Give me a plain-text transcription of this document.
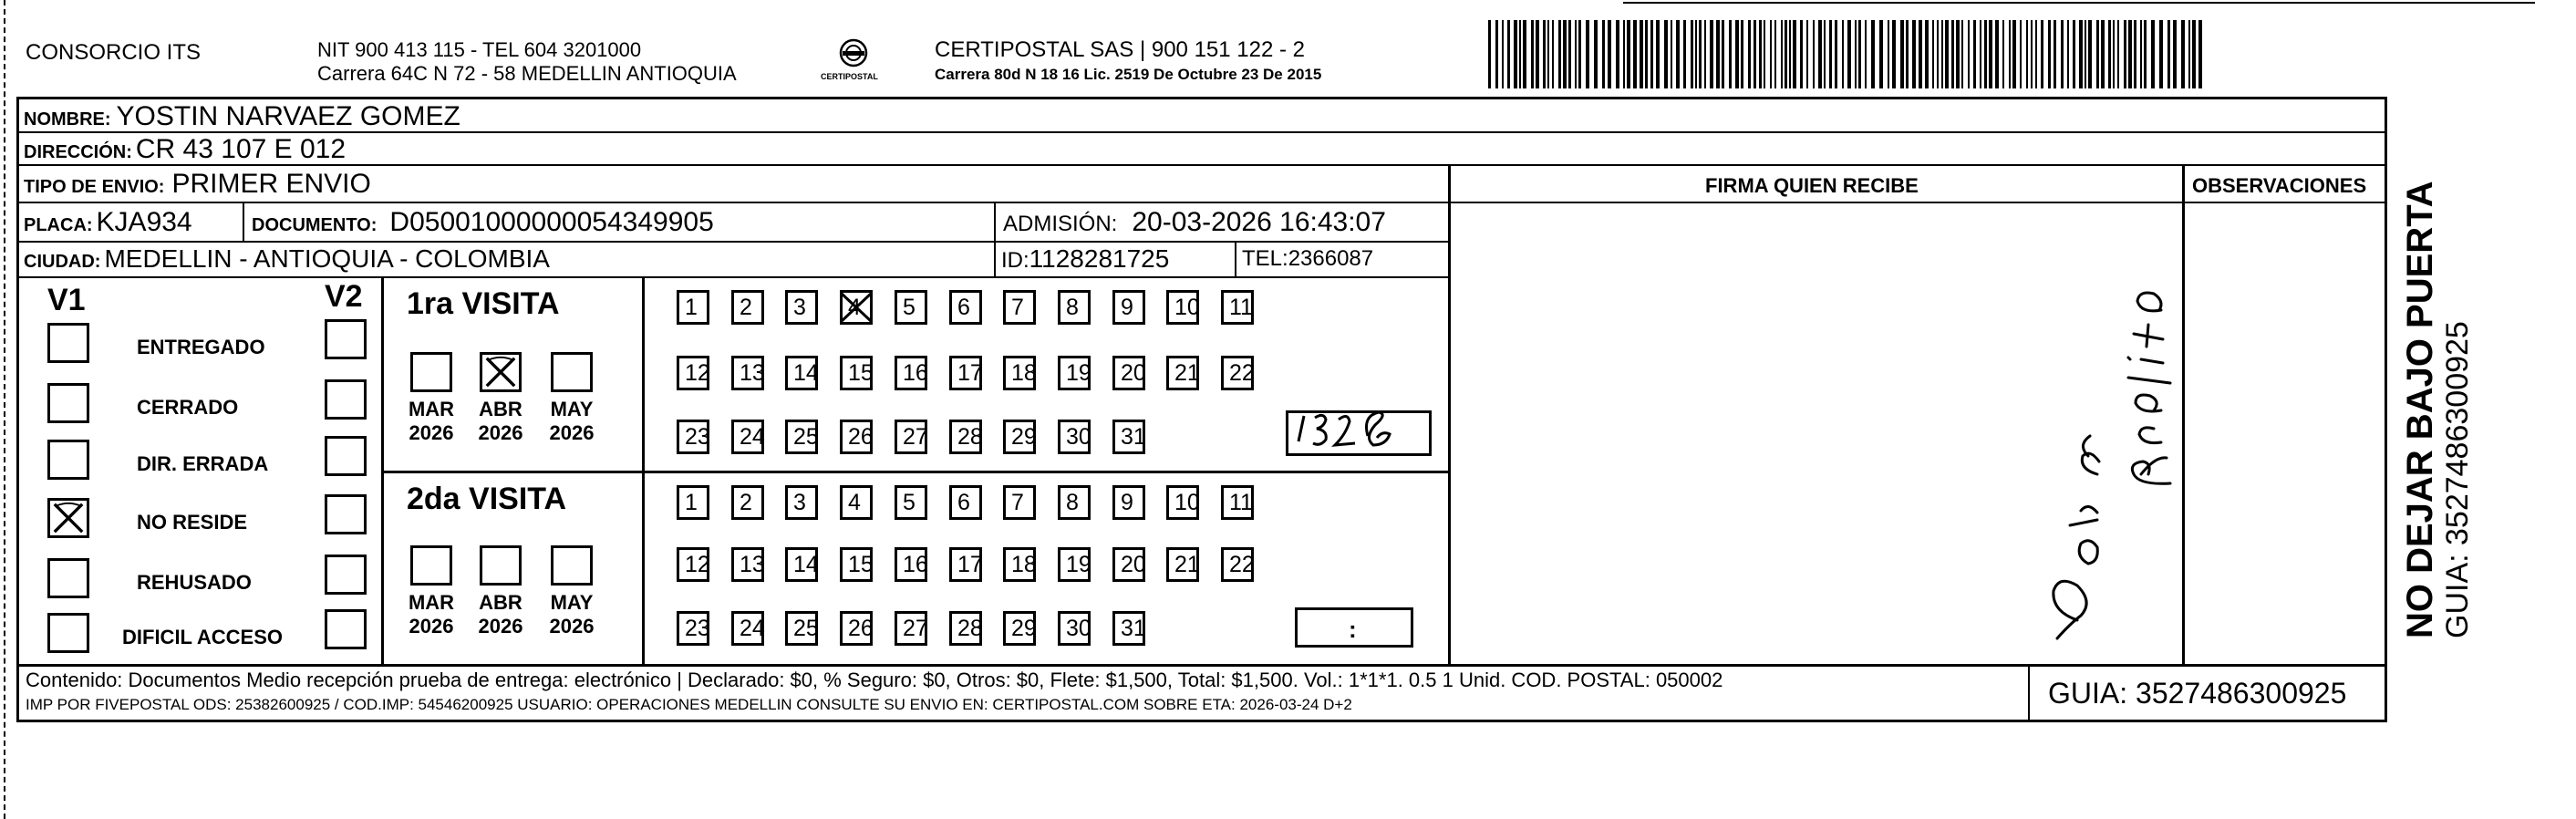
CONSORCIO ITS	NIT 900 413 115 - TEL 604 3201000
Carrera 64C N 72 - 58 MEDELLIN ANTIOQUIA	CERTIPOSTAL
CERTIPOSTAL SAS | 900 151 122 - 2
Carrera 80d N 18 16 Lic. 2519 De Octubre 23 De 2015
NOMBRE: YOSTIN NARVAEZ GOMEZ
DIRECCIÓN: CR 43 107 E 012
TIPO DE ENVIO: PRIMER ENVIO	FIRMA QUIEN RECIBE	OBSERVACIONES
PLACA: KJA934	DOCUMENTO: D05001000000054349905	ADMISIÓN: 20-03-2026 16:43:07
CIUDAD: MEDELLIN - ANTIOQUIA - COLOMBIA	ID:1128281725	TEL:2366087
V1	V2
ENTREGADO
CERRADO
DIR. ERRADA
NO RESIDE
REHUSADO
DIFICIL ACCESO
1ra VISITA
2da VISITA
MAR
2026
ABR
2026
MAY
2026
MAR
2026
ABR
2026
MAY
2026
1	2	3	4	5	6	7	8	9	10	11
12	13	14	15	16	17	18	19	20	21	22
23	24	25	26	27	28	29	30	31
1	2	3	4	5	6	7	8	9	10	11
12	13	14	15	16	17	18	19	20	21	22
23	24	25	26	27	28	29	30	31	:
Contenido: Documentos Medio recepción prueba de entrega: electrónico | Declarado: $0, % Seguro: $0, Otros: $0, Flete: $1,500, Total: $1,500. Vol.: 1*1*1. 0.5 1 Unid. COD. POSTAL: 050002
IMP POR FIVEPOSTAL ODS: 25382600925 / COD.IMP: 54546200925 USUARIO: OPERACIONES MEDELLIN CONSULTE SU ENVIO EN: CERTIPOSTAL.COM SOBRE ETA: 2026-03-24 D+2	GUIA: 3527486300925
NO DEJAR BAJO PUERTA GUIA: 3527486300925
